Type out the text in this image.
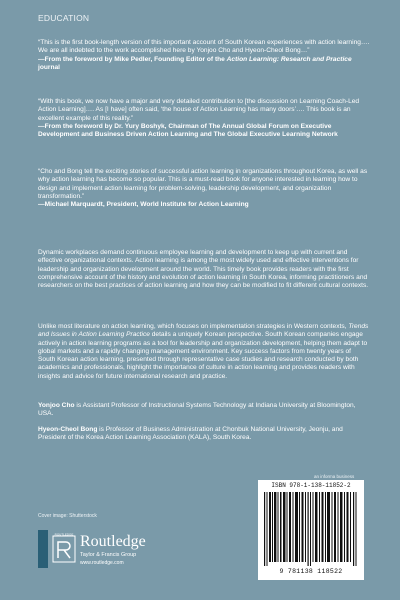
EDUCATION
“This is the first book-length version of this important account of South Korean experiences with action learning…. We are all indebted to the work accomplished here by Yonjoo Cho and Hyeon-Cheol Bong…”
—From the foreword by Mike Pedler, Founding Editor of the Action Learning: Research and Practice journal
“With this book, we now have a major and very detailed contribution to [the discussion on Learning Coach-Led Action Learning]…. As [I have] often said, ‘the house of Action Learning has many doors’…. This book is an excellent example of this reality.”
—From the foreword by Dr. Yury Boshyk, Chairman of The Annual Global Forum on Executive Development and Business Driven Action Learning and The Global Executive Learning Network
“Cho and Bong tell the exciting stories of successful action learning in organizations throughout Korea, as well as why action learning has become so popular. This is a must-read book for anyone interested in learning how to design and implement action learning for problem-solving, leadership development, and organization transformation.”
—Michael Marquardt, President, World Institute for Action Learning
Dynamic workplaces demand continuous employee learning and development to keep up with current and effective organizational contexts. Action learning is among the most widely used and effective interventions for leadership and organization development around the world. This timely book provides readers with the first comprehensive account of the history and evolution of action learning in South Korea, informing practitioners and researchers on the best practices of action learning and how they can be modified to fit different cultural contexts.
Unlike most literature on action learning, which focuses on implementation strategies in Western contexts, Trends and Issues in Action Learning Practice details a uniquely Korean perspective. South Korean companies engage actively in action learning programs as a tool for leadership and organization development, helping them adapt to global markets and a rapidly changing management environment. Key success factors from twenty years of South Korean action learning, presented through representative case studies and research conducted by both academics and professionals, highlight the importance of culture in action learning and provides readers with insights and advice for future international research and practice.
Yonjoo Cho is Assistant Professor of Instructional Systems Technology at Indiana University at Bloomington, USA.
Hyeon-Cheol Bong is Professor of Business Administration at Chonbuk National University, Jeonju, and President of the Korea Action Learning Association (KALA), South Korea.
an informa business
ISBN 978-1-138-11852-2
9 781138 118522
Cover image: Shutterstock
ROUTLEDGE Routledge
Taylor & Francis Group
www.routledge.com
